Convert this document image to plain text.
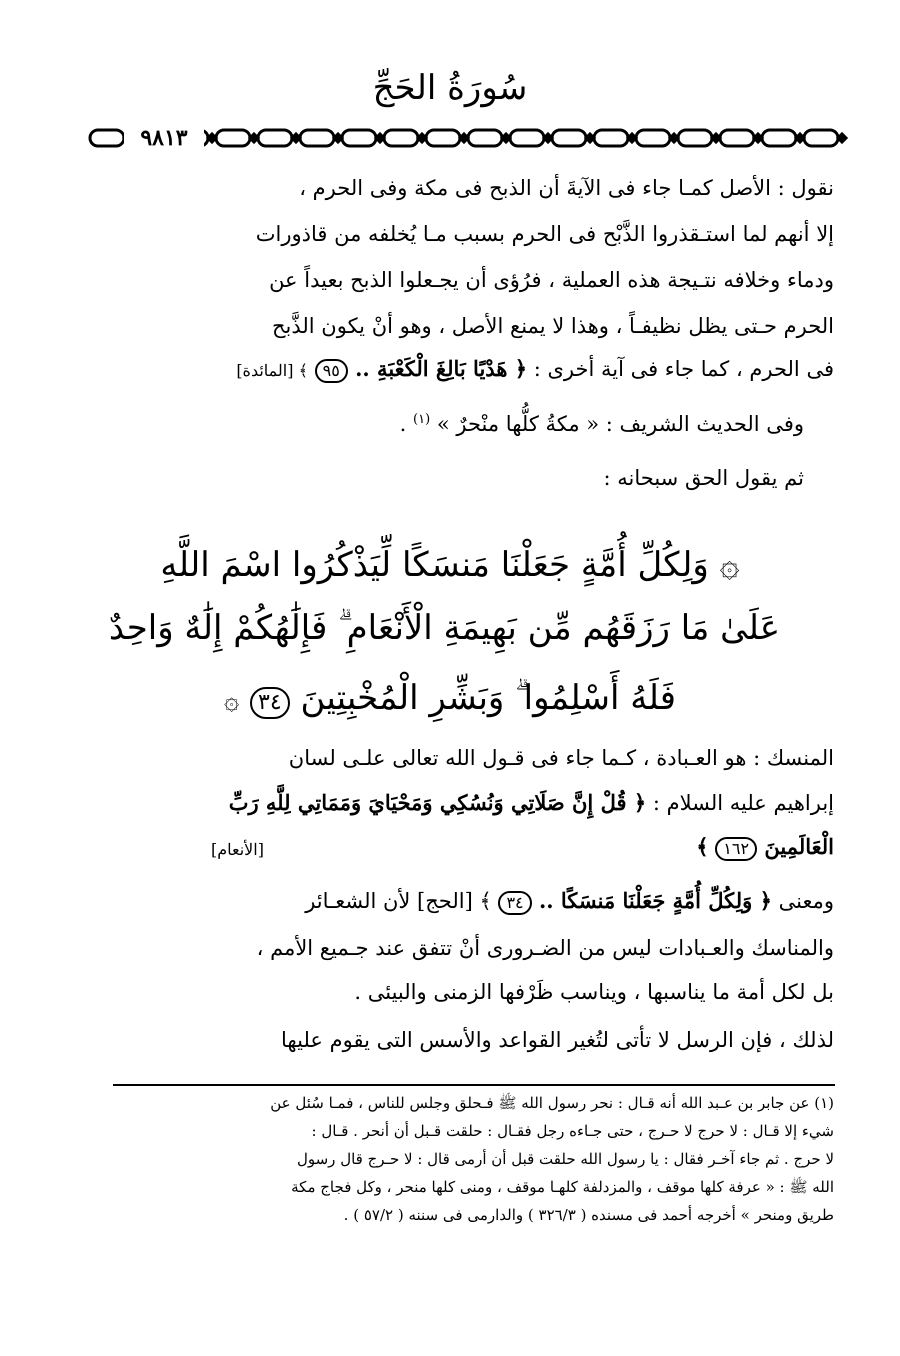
سُورَةُ الحَجِّ
٩٨١٣
نقول : الأصل كمـا جاء فى الآيةَ أن الذبح فى مكة وفى الحرم ،
إلا أنهم لما استـقذروا الذَّبْح فى الحرم بسبب مـا يُخلفه من قاذورات
ودماء وخلافه نتـيجة هذه العملية ، فرُؤى أن يجـعلوا الذبح بعيداً عن
الحرم حـتى يظل نظيفـاً ، وهذا لا يمنع الأصل ، وهو أنْ يكون الذَّبح
فى الحرم ، كما جاء فى آية أخرى : ﴿ هَدْيًا بَالِغَ الْكَعْبَةِ .. ٩٥ ﴾ [المائدة]
وفى الحديث الشريف : « مكةُ كلُّها منْحرٌ » $^{(١)}$ .
ثم يقول الحق سبحانه :
۞ وَلِكُلِّ أُمَّةٍ جَعَلْنَا مَنسَكًا لِّيَذْكُرُوا اسْمَ اللَّهِ
عَلَىٰ مَا رَزَقَهُم مِّن بَهِيمَةِ الْأَنْعَامِ ۗ فَإِلَٰهُكُمْ إِلَٰهٌ وَاحِدٌ
فَلَهُ أَسْلِمُوا ۗ وَبَشِّرِ الْمُخْبِتِينَ ٣٤ ۞
المنسك : هو العـبادة ، كـما جاء فى قـول الله تعالى علـى لسان
إبراهيم عليه السلام : ﴿ قُلْ إِنَّ صَلَاتِي وَنُسُكِي وَمَحْيَايَ وَمَمَاتِي لِلَّهِ رَبِّ
الْعَالَمِينَ ١٦٢ ﴾
[الأنعام]
ومعنى ﴿ وَلِكُلِّ أُمَّةٍ جَعَلْنَا مَنسَكًا .. ٣٤ ﴾ [الحج] لأن الشعـائر
والمناسك والعـبادات ليس من الضـرورى أنْ تتفق عند جـميع الأمم ،
بل لكل أمة ما يناسبها ، ويناسب ظَرْفها الزمنى والبيئى .
لذلك ، فإن الرسل لا تأتى لتُغير القواعد والأسس التى يقوم عليها
(١) عن جابر بن عـبد الله أنه قـال : نحر رسول الله ﷺ فـحلق وجلس للناس ، فمـا سُئل عن
شيء إلا قـال : لا حرج لا حـرج ، حتى جـاءه رجل فقـال : حلقت قـبل أن أنحر . قـال :
لا حرج . ثم جاء آخـر فقال : يا رسول الله حلقت قبل أن أرمى قال : لا حـرج قال رسول
الله ﷺ : « عرفة كلها موقف ، والمزدلفة كلهـا موقف ، ومنى كلها منحر ، وكل فجاج مكة
طريق ومنحر » أخرجه أحمد فى مسنده ( ٣٢٦/٣ ) والدارمى فى سننه ( ٥٧/٢ ) .
